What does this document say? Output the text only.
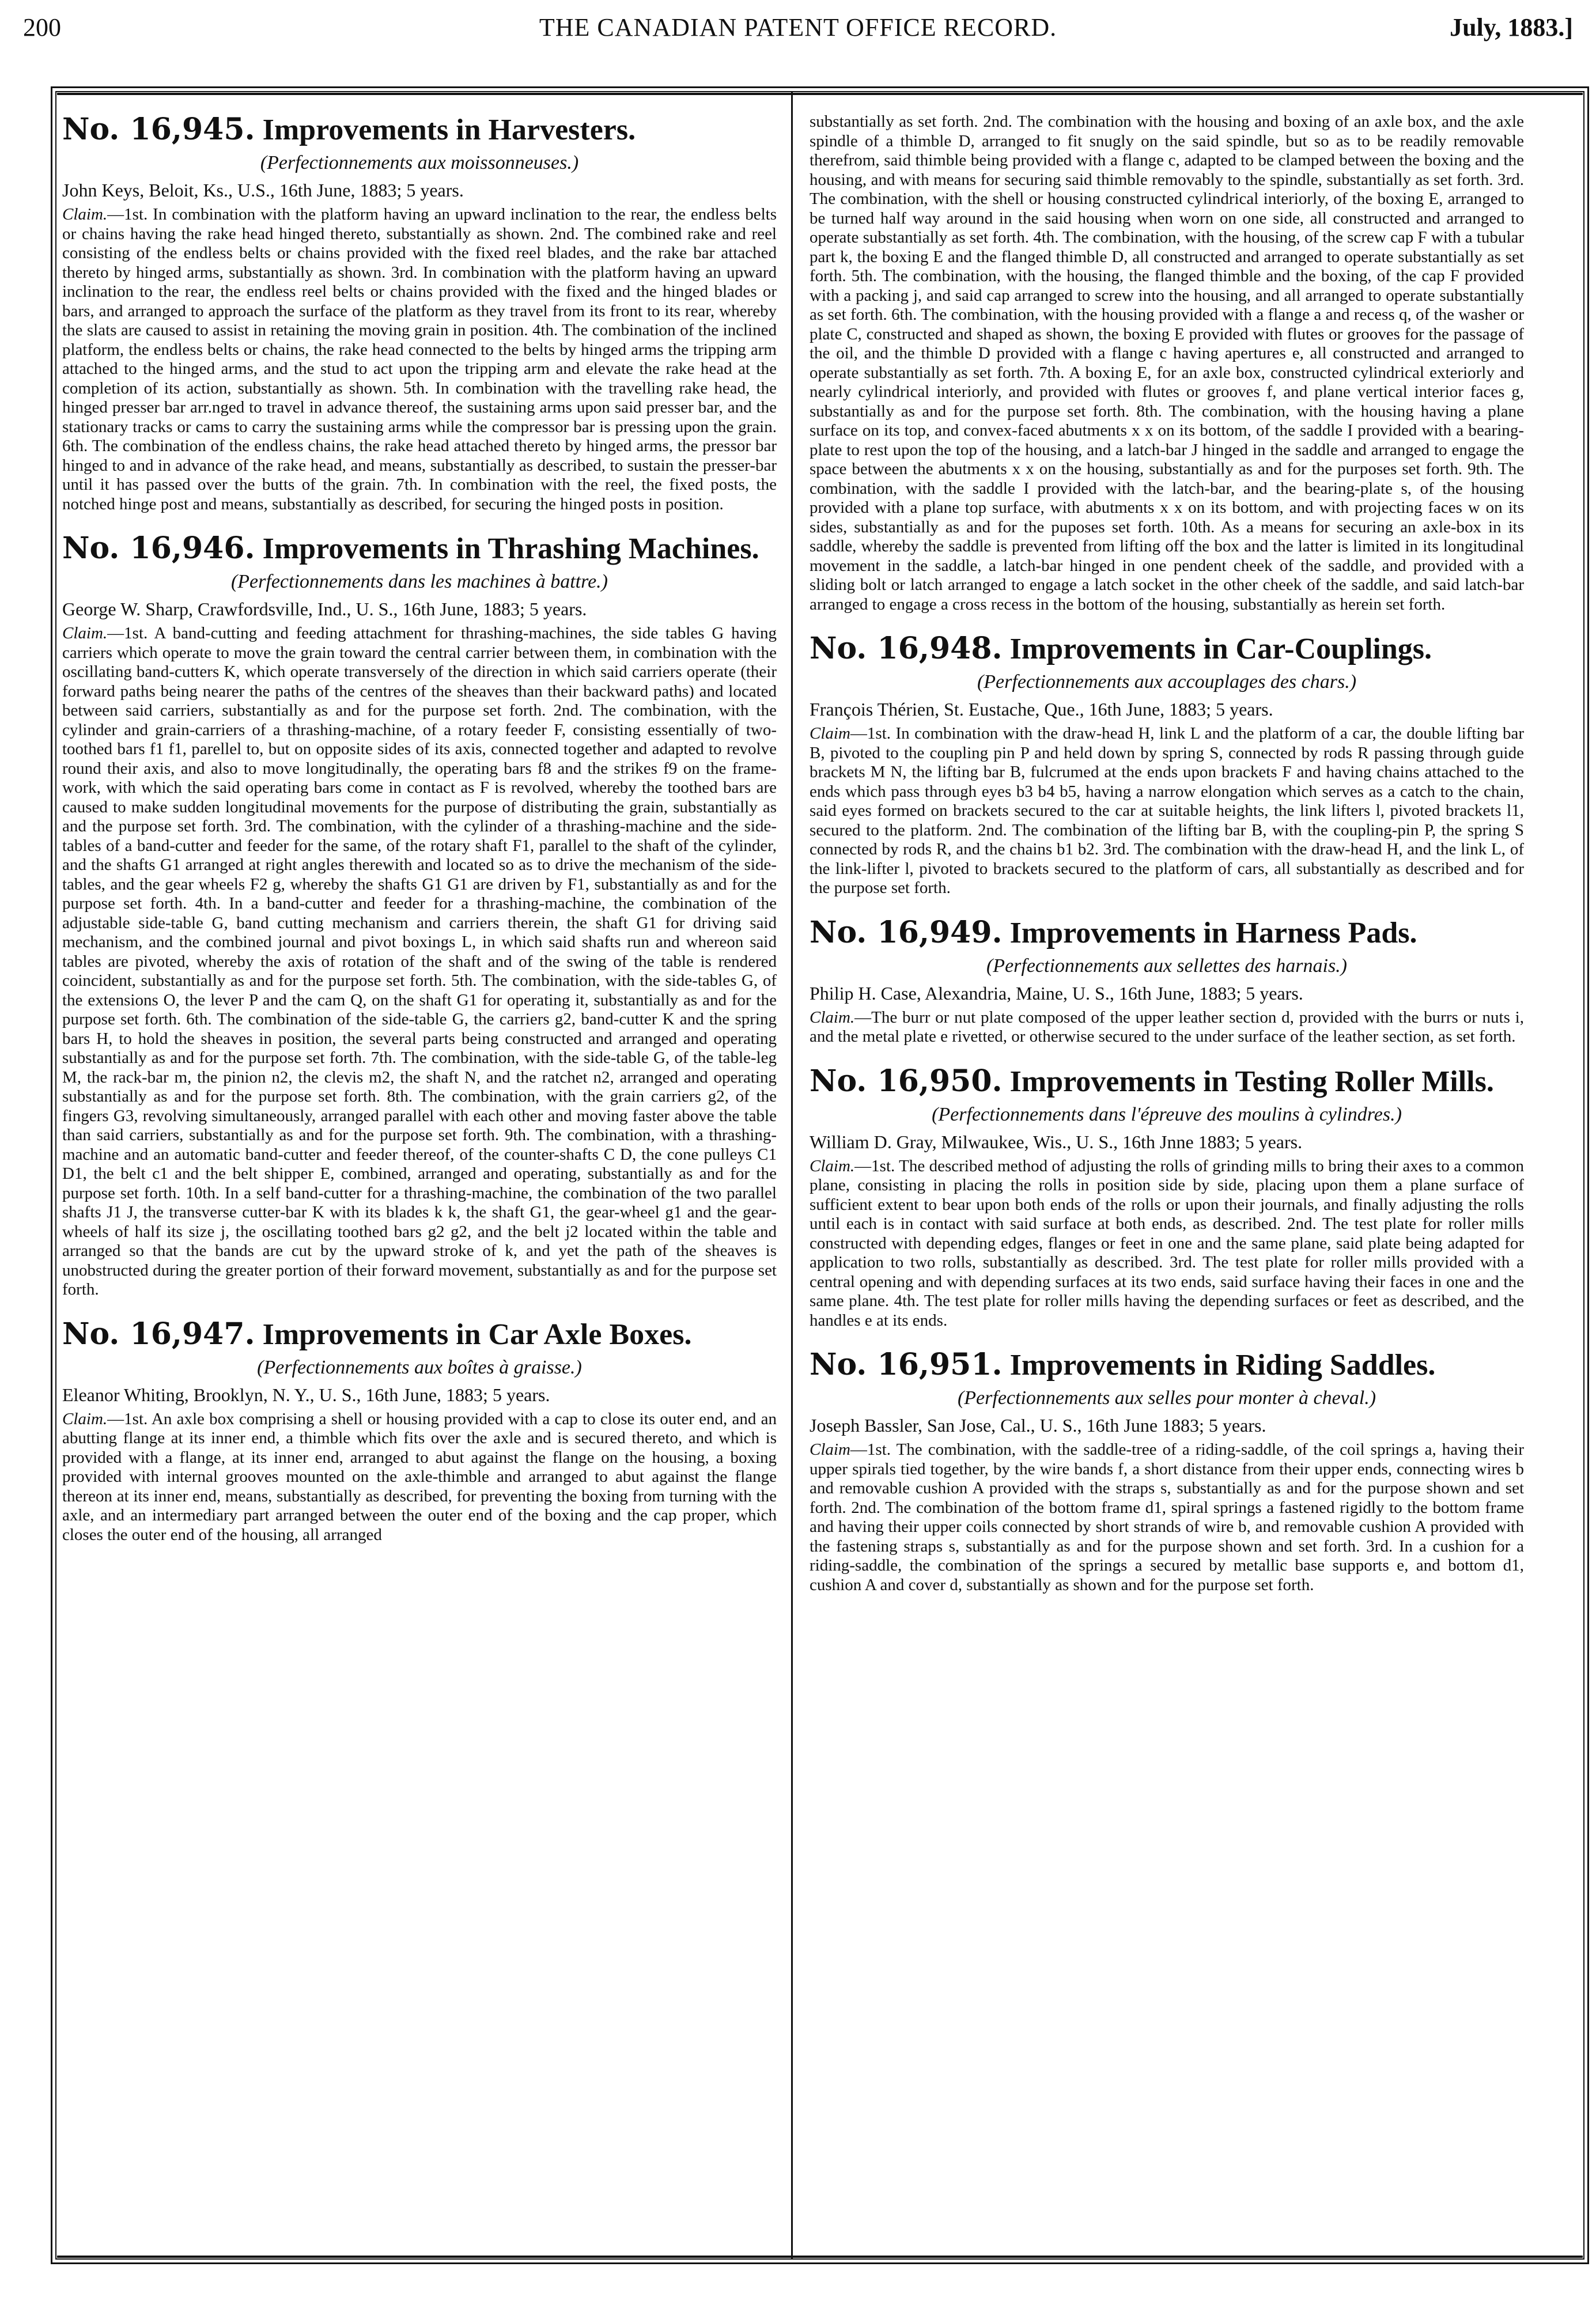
200	THE CANADIAN PATENT OFFICE RECORD.	July, 1883.]
No. 16,945. Improvements in Harvesters.
(Perfectionnements aux moissonneuses.)
John Keys, Beloit, Ks., U.S., 16th June, 1883; 5 years.
Claim.—1st. In combination with the platform having an upward inclination to the rear, the endless belts or chains having the rake head hinged thereto, substantially as shown. 2nd. The combined rake and reel consisting of the endless belts or chains provided with the fixed reel blades, and the rake bar attached thereto by hinged arms, substantially as shown. 3rd. In combination with the platform having an upward inclination to the rear, the endless reel belts or chains provided with the fixed and the hinged blades or bars, and arranged to approach the surface of the platform as they travel from its front to its rear, whereby the slats are caused to assist in retaining the moving grain in position. 4th. The combination of the inclined platform, the endless belts or chains, the rake head connected to the belts by hinged arms the tripping arm attached to the hinged arms, and the stud to act upon the tripping arm and elevate the rake head at the completion of its action, substantially as shown. 5th. In combination with the travelling rake head, the hinged presser bar arr.nged to travel in advance thereof, the sustaining arms upon said presser bar, and the stationary tracks or cams to carry the sustaining arms while the compressor bar is pressing upon the grain. 6th. The combination of the endless chains, the rake head attached thereto by hinged arms, the pressor bar hinged to and in advance of the rake head, and means, substantially as described, to sustain the presser-bar until it has passed over the butts of the grain. 7th. In combination with the reel, the fixed posts, the notched hinge post and means, substantially as described, for securing the hinged posts in position.
No. 16,946. Improvements in Thrashing Machines.
(Perfectionnements dans les machines à battre.)
George W. Sharp, Crawfordsville, Ind., U. S., 16th June, 1883; 5 years.
Claim.—1st. A band-cutting and feeding attachment for thrashing-machines, the side tables G having carriers which operate to move the grain toward the central carrier between them, in combination with the oscillating band-cutters K, which operate transversely of the direction in which said carriers operate (their forward paths being nearer the paths of the centres of the sheaves than their backward paths) and located between said carriers, substantially as and for the purpose set forth. 2nd. The combination, with the cylinder and grain-carriers of a thrashing-machine, of a rotary feeder F, consisting essentially of two-toothed bars f1 f1, parellel to, but on opposite sides of its axis, connected together and adapted to revolve round their axis, and also to move longitudinally, the operating bars f8 and the strikes f9 on the frame-work, with which the said operating bars come in contact as F is revolved, whereby the toothed bars are caused to make sudden longitudinal movements for the purpose of distributing the grain, substantially as and the purpose set forth. 3rd. The combination, with the cylinder of a thrashing-machine and the side-tables of a band-cutter and feeder for the same, of the rotary shaft F1, parallel to the shaft of the cylinder, and the shafts G1 arranged at right angles therewith and located so as to drive the mechanism of the side-tables, and the gear wheels F2 g, whereby the shafts G1 G1 are driven by F1, substantially as and for the purpose set forth. 4th. In a band-cutter and feeder for a thrashing-machine, the combination of the adjustable side-table G, band cutting mechanism and carriers therein, the shaft G1 for driving said mechanism, and the combined journal and pivot boxings L, in which said shafts run and whereon said tables are pivoted, whereby the axis of rotation of the shaft and of the swing of the table is rendered coincident, substantially as and for the purpose set forth. 5th. The combination, with the side-tables G, of the extensions O, the lever P and the cam Q, on the shaft G1 for operating it, substantially as and for the purpose set forth. 6th. The combination of the side-table G, the carriers g2, band-cutter K and the spring bars H, to hold the sheaves in position, the several parts being constructed and arranged and operating substantially as and for the purpose set forth. 7th. The combination, with the side-table G, of the table-leg M, the rack-bar m, the pinion n2, the clevis m2, the shaft N, and the ratchet n2, arranged and operating substantially as and for the purpose set forth. 8th. The combination, with the grain carriers g2, of the fingers G3, revolving simultaneously, arranged parallel with each other and moving faster above the table than said carriers, substantially as and for the purpose set forth. 9th. The combination, with a thrashing-machine and an automatic band-cutter and feeder thereof, of the counter-shafts C D, the cone pulleys C1 D1, the belt c1 and the belt shipper E, combined, arranged and operating, substantially as and for the purpose set forth. 10th. In a self band-cutter for a thrashing-machine, the combination of the two parallel shafts J1 J, the transverse cutter-bar K with its blades k k, the shaft G1, the gear-wheel g1 and the gear-wheels of half its size j, the oscillating toothed bars g2 g2, and the belt j2 located within the table and arranged so that the bands are cut by the upward stroke of k, and yet the path of the sheaves is unobstructed during the greater portion of their forward movement, substantially as and for the purpose set forth.
No. 16,947. Improvements in Car Axle Boxes.
(Perfectionnements aux boîtes à graisse.)
Eleanor Whiting, Brooklyn, N. Y., U. S., 16th June, 1883; 5 years.
Claim.—1st. An axle box comprising a shell or housing provided with a cap to close its outer end, and an abutting flange at its inner end, a thimble which fits over the axle and is secured thereto, and which is provided with a flange, at its inner end, arranged to abut against the flange on the housing, a boxing provided with internal grooves mounted on the axle-thimble and arranged to abut against the flange thereon at its inner end, means, substantially as described, for preventing the boxing from turning with the axle, and an intermediary part arranged between the outer end of the boxing and the cap proper, which closes the outer end of the housing, all arranged
substantially as set forth. 2nd. The combination with the housing and boxing of an axle box, and the axle spindle of a thimble D, arranged to fit snugly on the said spindle, but so as to be readily removable therefrom, said thimble being provided with a flange c, adapted to be clamped between the boxing and the housing, and with means for securing said thimble removably to the spindle, substantially as set forth. 3rd. The combination, with the shell or housing constructed cylindrical interiorly, of the boxing E, arranged to be turned half way around in the said housing when worn on one side, all constructed and arranged to operate substantially as set forth. 4th. The combination, with the housing, of the screw cap F with a tubular part k, the boxing E and the flanged thimble D, all constructed and arranged to operate substantially as set forth. 5th. The combination, with the housing, the flanged thimble and the boxing, of the cap F provided with a packing j, and said cap arranged to screw into the housing, and all arranged to operate substantially as set forth. 6th. The combination, with the housing provided with a flange a and recess q, of the washer or plate C, constructed and shaped as shown, the boxing E provided with flutes or grooves for the passage of the oil, and the thimble D provided with a flange c having apertures e, all constructed and arranged to operate substantially as set forth. 7th. A boxing E, for an axle box, constructed cylindrical exteriorly and nearly cylindrical interiorly, and provided with flutes or grooves f, and plane vertical interior faces g, substantially as and for the purpose set forth. 8th. The combination, with the housing having a plane surface on its top, and convex-faced abutments x x on its bottom, of the saddle I provided with a bearing-plate to rest upon the top of the housing, and a latch-bar J hinged in the saddle and arranged to engage the space between the abutments x x on the housing, substantially as and for the purposes set forth. 9th. The combination, with the saddle I provided with the latch-bar, and the bearing-plate s, of the housing provided with a plane top surface, with abutments x x on its bottom, and with projecting faces w on its sides, substantially as and for the puposes set forth. 10th. As a means for securing an axle-box in its saddle, whereby the saddle is prevented from lifting off the box and the latter is limited in its longitudinal movement in the saddle, a latch-bar hinged in one pendent cheek of the saddle, and provided with a sliding bolt or latch arranged to engage a latch socket in the other cheek of the saddle, and said latch-bar arranged to engage a cross recess in the bottom of the housing, substantially as herein set forth.
No. 16,948. Improvements in Car-Couplings.
(Perfectionnements aux accouplages des chars.)
François Thérien, St. Eustache, Que., 16th June, 1883; 5 years.
Claim—1st. In combination with the draw-head H, link L and the platform of a car, the double lifting bar B, pivoted to the coupling pin P and held down by spring S, connected by rods R passing through guide brackets M N, the lifting bar B, fulcrumed at the ends upon brackets F and having chains attached to the ends which pass through eyes b3 b4 b5, having a narrow elongation which serves as a catch to the chain, said eyes formed on brackets secured to the car at suitable heights, the link lifters l, pivoted brackets l1, secured to the platform. 2nd. The combination of the lifting bar B, with the coupling-pin P, the spring S connected by rods R, and the chains b1 b2. 3rd. The combination with the draw-head H, and the link L, of the link-lifter l, pivoted to brackets secured to the platform of cars, all substantially as described and for the purpose set forth.
No. 16,949. Improvements in Harness Pads.
(Perfectionnements aux sellettes des harnais.)
Philip H. Case, Alexandria, Maine, U. S., 16th June, 1883; 5 years.
Claim.—The burr or nut plate composed of the upper leather section d, provided with the burrs or nuts i, and the metal plate e rivetted, or otherwise secured to the under surface of the leather section, as set forth.
No. 16,950. Improvements in Testing Roller Mills.
(Perfectionnements dans l'épreuve des moulins à cylindres.)
William D. Gray, Milwaukee, Wis., U. S., 16th Jnne 1883; 5 years.
Claim.—1st. The described method of adjusting the rolls of grinding mills to bring their axes to a common plane, consisting in placing the rolls in position side by side, placing upon them a plane surface of sufficient extent to bear upon both ends of the rolls or upon their journals, and finally adjusting the rolls until each is in contact with said surface at both ends, as described. 2nd. The test plate for roller mills constructed with depending edges, flanges or feet in one and the same plane, said plate being adapted for application to two rolls, substantially as described. 3rd. The test plate for roller mills provided with a central opening and with depending surfaces at its two ends, said surface having their faces in one and the same plane. 4th. The test plate for roller mills having the depending surfaces or feet as described, and the handles e at its ends.
No. 16,951. Improvements in Riding Saddles.
(Perfectionnements aux selles pour monter à cheval.)
Joseph Bassler, San Jose, Cal., U. S., 16th June 1883; 5 years.
Claim—1st. The combination, with the saddle-tree of a riding-saddle, of the coil springs a, having their upper spirals tied together, by the wire bands f, a short distance from their upper ends, connecting wires b and removable cushion A provided with the straps s, substantially as and for the purpose shown and set forth. 2nd. The combination of the bottom frame d1, spiral springs a fastened rigidly to the bottom frame and having their upper coils connected by short strands of wire b, and removable cushion A provided with the fastening straps s, substantially as and for the purpose shown and set forth. 3rd. In a cushion for a riding-saddle, the combination of the springs a secured by metallic base supports e, and bottom d1, cushion A and cover d, substantially as shown and for the purpose set forth.
